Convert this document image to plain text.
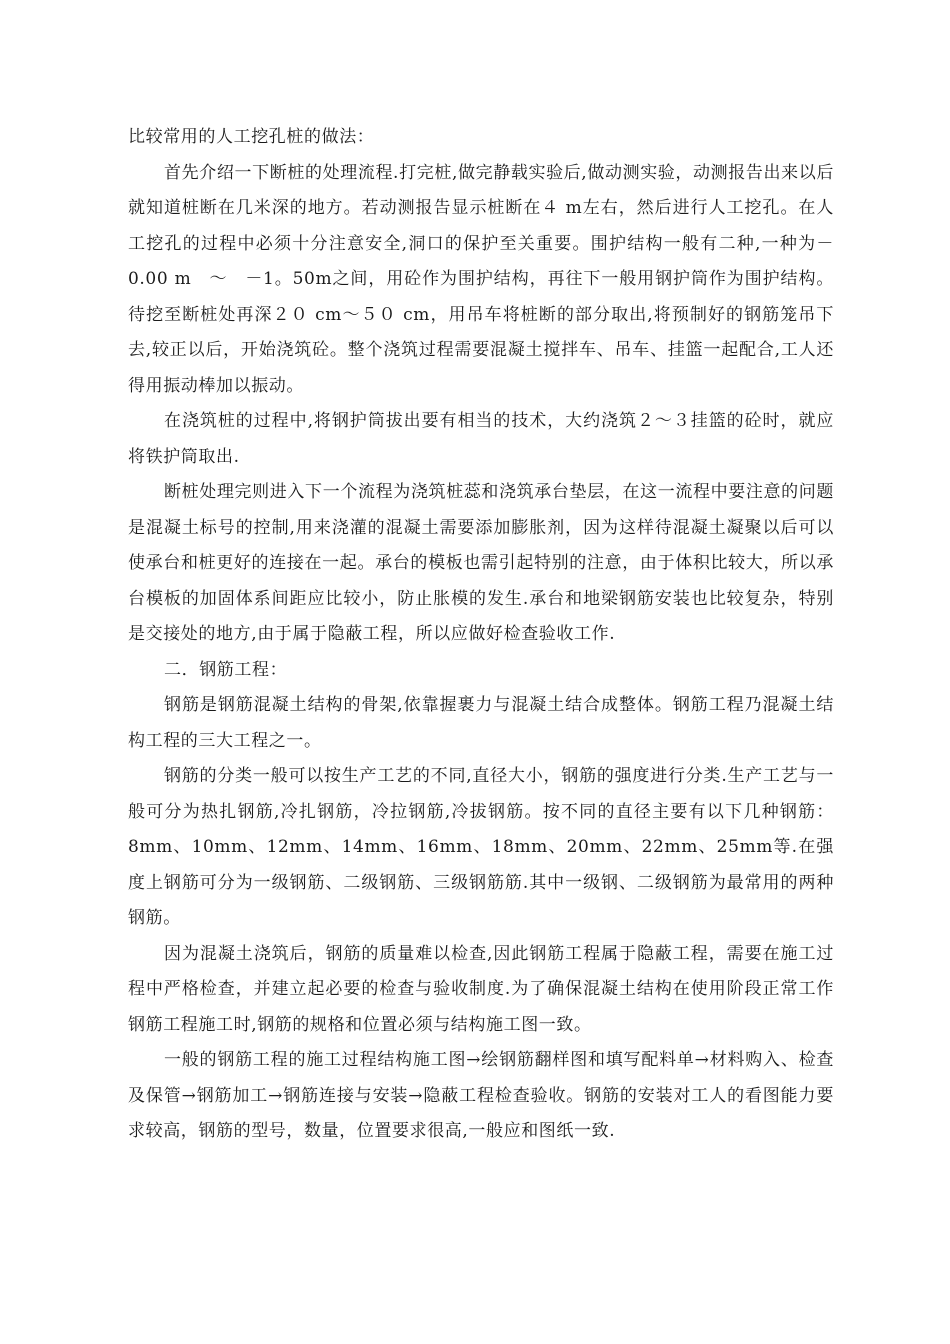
比较常用的人工挖孔桩的做法：

首先介绍一下断桩的处理流程.打完桩,做完静载实验后,做动测实验，动测报告出来以后就知道桩断在几米深的地方。若动测报告显示桩断在４ m左右，然后进行人工挖孔。在人工挖孔的过程中必须十分注意安全,洞口的保护至关重要。围护结构一般有二种,一种为－0.00 m　～　－1。50m之间，用砼作为围护结构，再往下一般用钢护筒作为围护结构。待挖至断桩处再深２０ cm～５０ cm，用吊车将桩断的部分取出,将预制好的钢筋笼吊下去,较正以后，开始浇筑砼。整个浇筑过程需要混凝土搅拌车、吊车、挂篮一起配合,工人还得用振动棒加以振动。

在浇筑桩的过程中,将钢护筒拔出要有相当的技术，大约浇筑２～３挂篮的砼时，就应将铁护筒取出.

断桩处理完则进入下一个流程为浇筑桩蕊和浇筑承台垫层，在这一流程中要注意的问题是混凝土标号的控制,用来浇灌的混凝土需要添加膨胀剂，因为这样待混凝土凝聚以后可以使承台和桩更好的连接在一起。承台的模板也需引起特别的注意，由于体积比较大，所以承台模板的加固体系间距应比较小，防止胀模的发生.承台和地梁钢筋安装也比较复杂，特别是交接处的地方,由于属于隐蔽工程，所以应做好检查验收工作.

二．钢筋工程：

钢筋是钢筋混凝土结构的骨架,依靠握裹力与混凝土结合成整体。钢筋工程乃混凝土结构工程的三大工程之一。

钢筋的分类一般可以按生产工艺的不同,直径大小，钢筋的强度进行分类.生产工艺与一般可分为热扎钢筋,冷扎钢筋，冷拉钢筋,冷拔钢筋。按不同的直径主要有以下几种钢筋：8mm、10mm、12mm、14mm、16mm、18mm、20mm、22mm、25mm等.在强度上钢筋可分为一级钢筋、二级钢筋、三级钢筋筋.其中一级钢、二级钢筋为最常用的两种钢筋。

因为混凝土浇筑后，钢筋的质量难以检查,因此钢筋工程属于隐蔽工程，需要在施工过程中严格检查，并建立起必要的检查与验收制度.为了确保混凝土结构在使用阶段正常工作钢筋工程施工时,钢筋的规格和位置必须与结构施工图一致。

一般的钢筋工程的施工过程结构施工图→绘钢筋翻样图和填写配料单→材料购入、检查及保管→钢筋加工→钢筋连接与安装→隐蔽工程检查验收。钢筋的安装对工人的看图能力要求较高，钢筋的型号，数量，位置要求很高,一般应和图纸一致.
